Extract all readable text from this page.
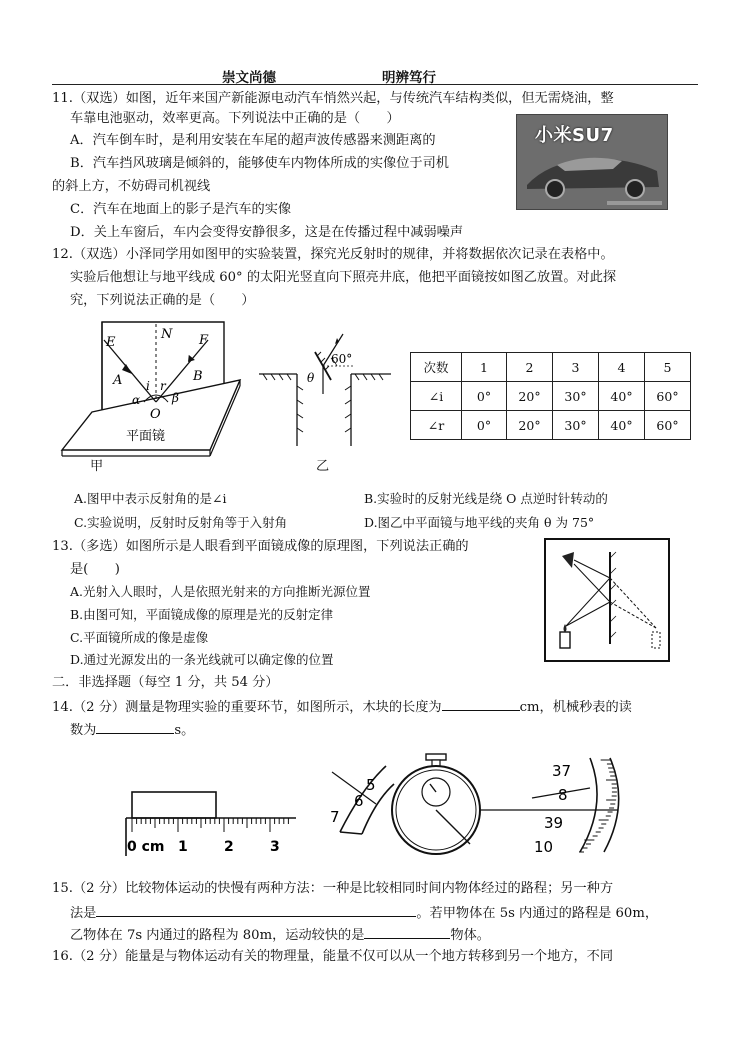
崇文尚德	明辨笃行
11.（双选）如图，近年来国产新能源电动汽车悄然兴起，与传统汽车结构类似，但无需烧油，整
车靠电池驱动，效率更高。下列说法中正确的是（　　）
A．汽车倒车时，是利用安装在车尾的超声波传感器来测距离的
B．汽车挡风玻璃是倾斜的，能够使车内物体所成的实像位于司机
的斜上方，不妨碍司机视线
C．汽车在地面上的影子是汽车的实像
D．关上车窗后，车内会变得安静很多，这是在传播过程中减弱噪声
小米SU7
12.（双选）小泽同学用如图甲的实验装置，探究光反射时的规律，并将数据依次记录在表格中。
实验后他想让与地平线成 60° 的太阳光竖直向下照亮井底，他把平面镜按如图乙放置。对此探
究，下列说法正确的是（　　）
E
N F
A	B
i r
α	β
O
平面镜
甲
60°
θ
乙
次数	1	2	3	4	5
∠i	0°	20°	30°	40°	60°
∠r	0°	20°	30°	40°	60°
A.图甲中表示反射角的是∠i	B.实验时的反射光线是绕 O 点逆时针转动的
C.实验说明，反射时反射角等于入射角	D.图乙中平面镜与地平线的夹角 θ 为 75°
13.（多选）如图所示是人眼看到平面镜成像的原理图，下列说法正确的
是(　　)
A.光射入人眼时，人是依照光射来的方向推断光源位置
B.由图可知，平面镜成像的原理是光的反射定律
C.平面镜所成的像是虚像
D.通过光源发出的一条光线就可以确定像的位置
二．非选择题（每空 1 分，共 54 分）
14.（2 分）测量是物理实验的重要环节，如图所示，木块的长度为	cm，机械秒表的读
数为	s。
0 cm 1	2	3
5
6
7
37
8
39
10
15.（2 分）比较物体运动的快慢有两种方法：一种是比较相同时间内物体经过的路程；另一种方
法是	。若甲物体在 5s 内通过的路程是 60m，
乙物体在 7s 内通过的路程为 80m，运动较快的是	物体。
16.（2 分）能量是与物体运动有关的物理量，能量不仅可以从一个地方转移到另一个地方，不同
